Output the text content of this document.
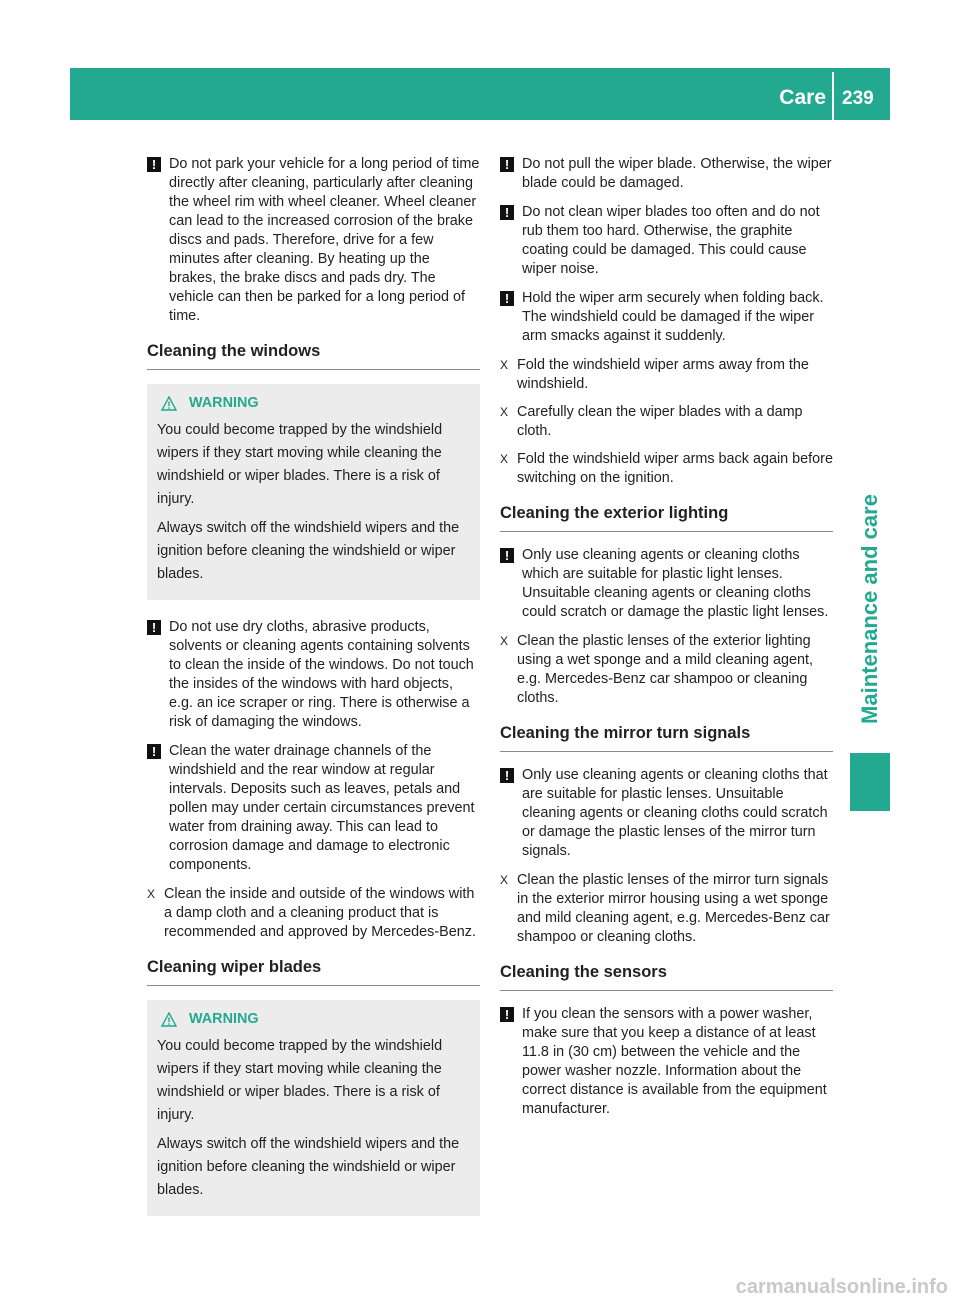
Care 239
Maintenance and care

! Do not park your vehicle for a long period of time directly after cleaning, particularly after cleaning the wheel rim with wheel cleaner. Wheel cleaner can lead to the increased corrosion of the brake discs and pads. Therefore, drive for a few minutes after cleaning. By heating up the brakes, the brake discs and pads dry. The vehicle can then be parked for a long period of time.

Cleaning the windows
WARNING

You could become trapped by the windshield wipers if they start moving while cleaning the windshield or wiper blades. There is a risk of injury.

Always switch off the windshield wipers and the ignition before cleaning the windshield or wiper blades.

! Do not use dry cloths, abrasive products, solvents or cleaning agents containing solvents to clean the inside of the windows. Do not touch the insides of the windows with hard objects, e.g. an ice scraper or ring. There is otherwise a risk of damaging the windows.

! Clean the water drainage channels of the windshield and the rear window at regular intervals. Deposits such as leaves, petals and pollen may under certain circumstances prevent water from draining away. This can lead to corrosion damage and damage to electronic components.

X Clean the inside and outside of the windows with a damp cloth and a cleaning product that is recommended and approved by Mercedes-Benz.

Cleaning wiper blades
WARNING

You could become trapped by the windshield wipers if they start moving while cleaning the windshield or wiper blades. There is a risk of injury.

Always switch off the windshield wipers and the ignition before cleaning the windshield or wiper blades.

! Do not pull the wiper blade. Otherwise, the wiper blade could be damaged.

! Do not clean wiper blades too often and do not rub them too hard. Otherwise, the graphite coating could be damaged. This could cause wiper noise.

! Hold the wiper arm securely when folding back. The windshield could be damaged if the wiper arm smacks against it suddenly.

X Fold the windshield wiper arms away from the windshield.

X Carefully clean the wiper blades with a damp cloth.

X Fold the windshield wiper arms back again before switching on the ignition.

Cleaning the exterior lighting

! Only use cleaning agents or cleaning cloths which are suitable for plastic light lenses. Unsuitable cleaning agents or cleaning cloths could scratch or damage the plastic light lenses.

X Clean the plastic lenses of the exterior lighting using a wet sponge and a mild cleaning agent, e.g. Mercedes-Benz car shampoo or cleaning cloths.

Cleaning the mirror turn signals

! Only use cleaning agents or cleaning cloths that are suitable for plastic lenses. Unsuitable cleaning agents or cleaning cloths could scratch or damage the plastic lenses of the mirror turn signals.

X Clean the plastic lenses of the mirror turn signals in the exterior mirror housing using a wet sponge and mild cleaning agent, e.g. Mercedes-Benz car shampoo or cleaning cloths.

Cleaning the sensors

! If you clean the sensors with a power washer, make sure that you keep a distance of at least 11.8 in (30 cm) between the vehicle and the power washer nozzle. Information about the correct distance is available from the equipment manufacturer.

carmanualsonline.info
